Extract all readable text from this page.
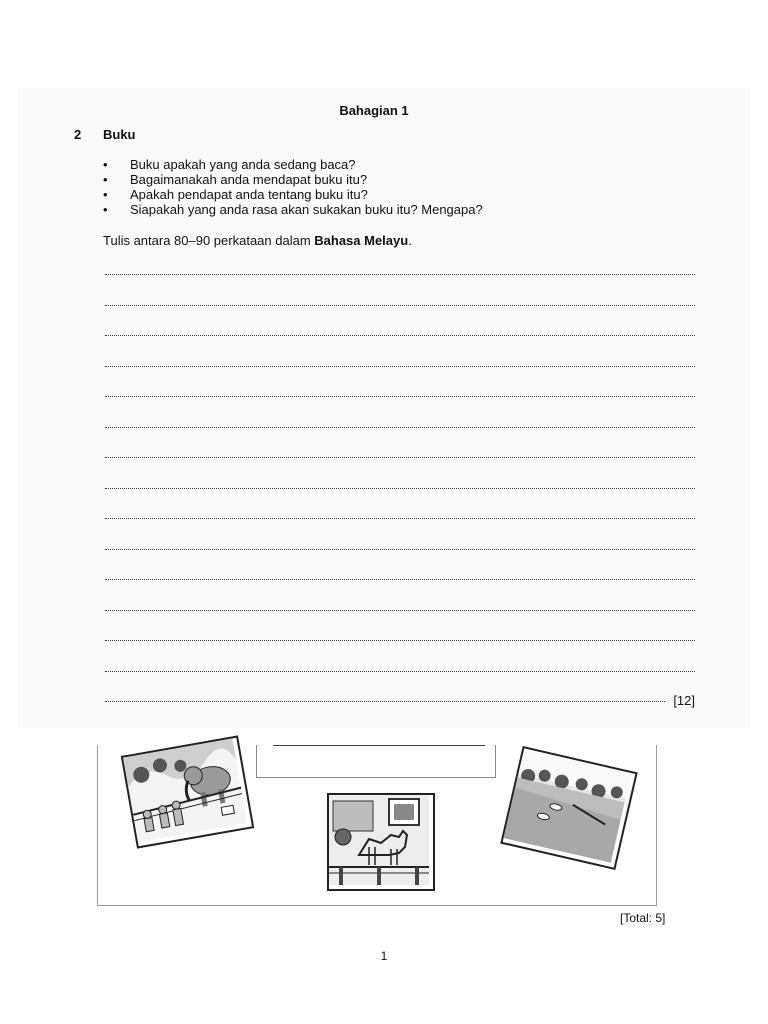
Bahagian 1
2 Buku
• Buku apakah yang anda sedang baca?
• Bagaimanakah anda mendapat buku itu?
• Apakah pendapat anda tentang buku itu?
• Siapakah yang anda rasa akan sukakan buku itu? Mengapa?
Tulis antara 80–90 perkataan dalam Bahasa Melayu.
[12]
[Total: 5]
1
